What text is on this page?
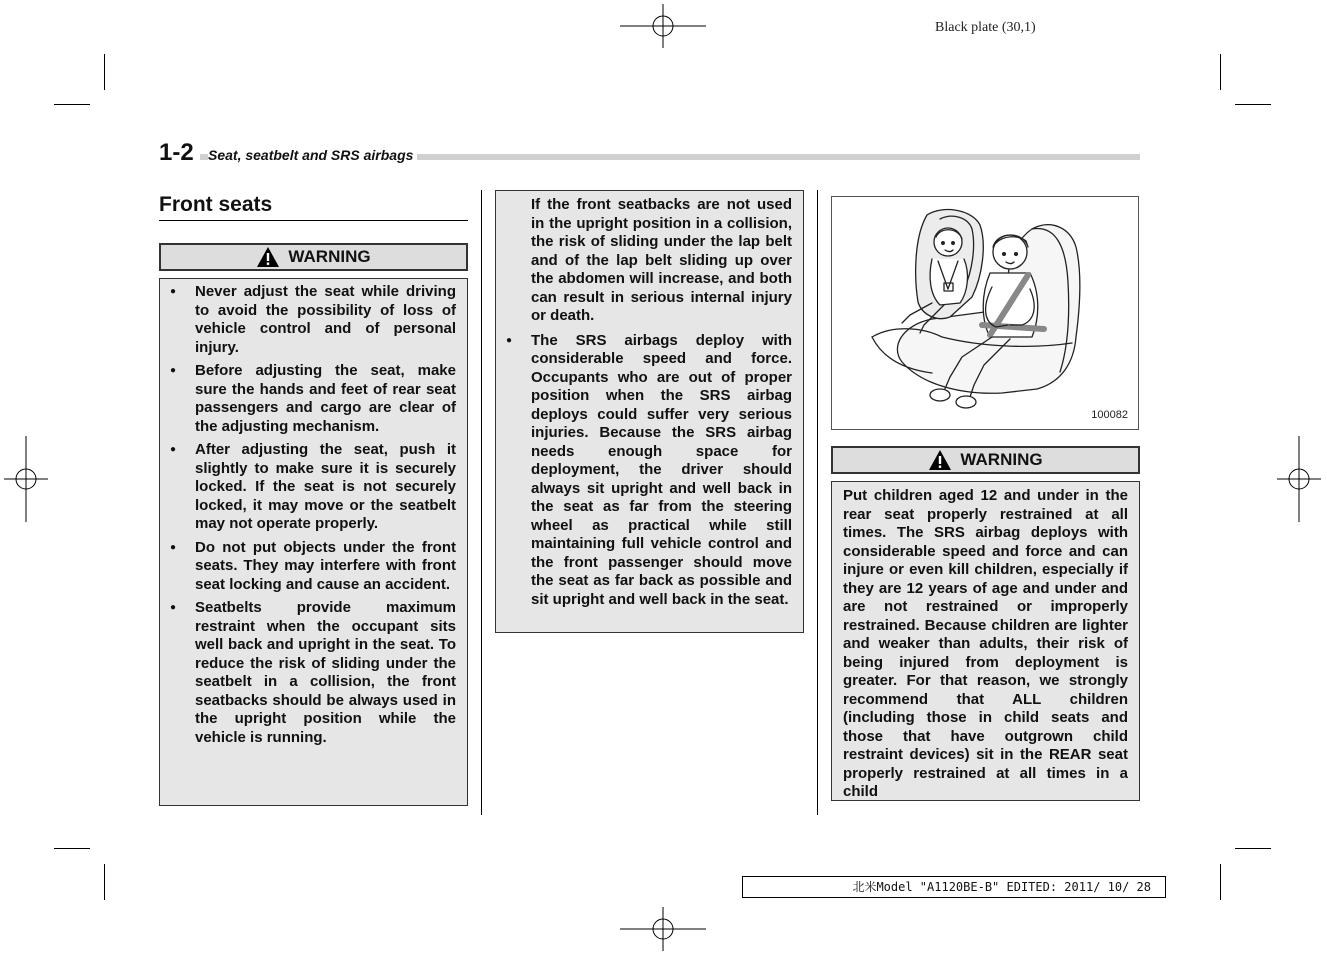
Black plate (30,1)
1-2	Seat, seatbelt and SRS airbags
Front seats
WARNING
● Never adjust the seat while driving to avoid the possibility of loss of vehicle control and of personal injury.
● Before adjusting the seat, make sure the hands and feet of rear seat passengers and cargo are clear of the adjusting mechanism.
● After adjusting the seat, push it slightly to make sure it is securely locked. If the seat is not securely locked, it may move or the seatbelt may not operate properly.
● Do not put objects under the front seats. They may interfere with front seat locking and cause an accident.
● Seatbelts provide maximum restraint when the occupant sits well back and upright in the seat. To reduce the risk of sliding under the seatbelt in a collision, the front seatbacks should be always used in the upright position while the vehicle is running.
If the front seatbacks are not used in the upright position in a collision, the risk of sliding under the lap belt and of the lap belt sliding up over the abdomen will increase, and both can result in serious internal injury or death.
● The SRS airbags deploy with considerable speed and force. Occupants who are out of proper position when the SRS airbag deploys could suffer very serious injuries. Because the SRS airbag needs enough space for deployment, the driver should always sit upright and well back in the seat as far from the steering wheel as practical while still maintaining full vehicle control and the front passenger should move the seat as far back as possible and sit upright and well back in the seat.
100082
WARNING
Put children aged 12 and under in the rear seat properly restrained at all times. The SRS airbag deploys with considerable speed and force and can injure or even kill children, especially if they are 12 years of age and under and are not restrained or improperly restrained. Because children are lighter and weaker than adults, their risk of being injured from deployment is greater. For that reason, we strongly recommend that ALL children (including those in child seats and those that have outgrown child restraint devices) sit in the REAR seat properly restrained at all times in a child
北米Model "A1120BE-B" EDITED: 2011/ 10/ 28
